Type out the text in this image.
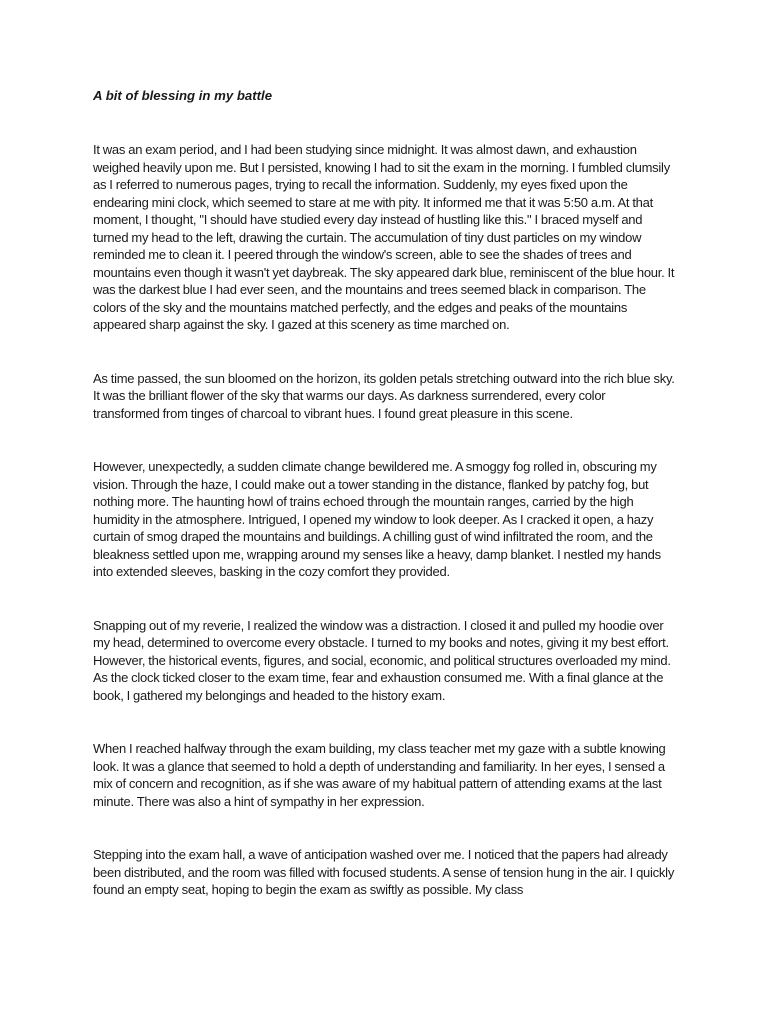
A bit of blessing in my battle

It was an exam period, and I had been studying since midnight. It was almost dawn, and exhaustion weighed heavily upon me. But I persisted, knowing I had to sit the exam in the morning. I fumbled clumsily as I referred to numerous pages, trying to recall the information. Suddenly, my eyes fixed upon the endearing mini clock, which seemed to stare at me with pity. It informed me that it was 5:50 a.m. At that moment, I thought, "I should have studied every day instead of hustling like this." I braced myself and turned my head to the left, drawing the curtain. The accumulation of tiny dust particles on my window reminded me to clean it. I peered through the window's screen, able to see the shades of trees and mountains even though it wasn't yet daybreak. The sky appeared dark blue, reminiscent of the blue hour. It was the darkest blue I had ever seen, and the mountains and trees seemed black in comparison. The colors of the sky and the mountains matched perfectly, and the edges and peaks of the mountains appeared sharp against the sky. I gazed at this scenery as time marched on.

As time passed, the sun bloomed on the horizon, its golden petals stretching outward into the rich blue sky. It was the brilliant flower of the sky that warms our days. As darkness surrendered, every color transformed from tinges of charcoal to vibrant hues. I found great pleasure in this scene.

However, unexpectedly, a sudden climate change bewildered me. A smoggy fog rolled in, obscuring my vision. Through the haze, I could make out a tower standing in the distance, flanked by patchy fog, but nothing more. The haunting howl of trains echoed through the mountain ranges, carried by the high humidity in the atmosphere. Intrigued, I opened my window to look deeper. As I cracked it open, a hazy curtain of smog draped the mountains and buildings. A chilling gust of wind infiltrated the room, and the bleakness settled upon me, wrapping around my senses like a heavy, damp blanket. I nestled my hands into extended sleeves, basking in the cozy comfort they provided.

Snapping out of my reverie, I realized the window was a distraction. I closed it and pulled my hoodie over my head, determined to overcome every obstacle. I turned to my books and notes, giving it my best effort. However, the historical events, figures, and social, economic, and political structures overloaded my mind. As the clock ticked closer to the exam time, fear and exhaustion consumed me. With a final glance at the book, I gathered my belongings and headed to the history exam.

When I reached halfway through the exam building, my class teacher met my gaze with a subtle knowing look. It was a glance that seemed to hold a depth of understanding and familiarity. In her eyes, I sensed a mix of concern and recognition, as if she was aware of my habitual pattern of attending exams at the last minute. There was also a hint of sympathy in her expression.

Stepping into the exam hall, a wave of anticipation washed over me. I noticed that the papers had already been distributed, and the room was filled with focused students. A sense of tension hung in the air. I quickly found an empty seat, hoping to begin the exam as swiftly as possible. My class
